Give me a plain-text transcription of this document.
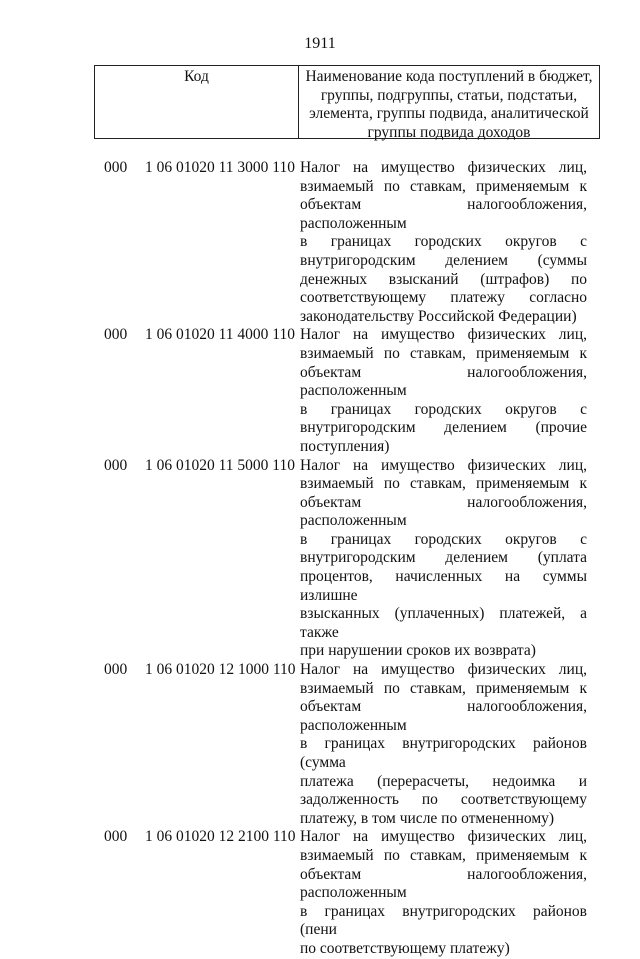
1911
Код	Наименование кода поступлений в бюджет,
группы, подгруппы, статьи, подстатьи,
элемента, группы подвида, аналитической
группы подвида доходов
000	1 06 01020 11 3000 110 Налог на имущество физических лиц,
взимаемый по ставкам, применяемым к
объектам налогообложения, расположенным
в границах городских округов с
внутригородским делением (суммы
денежных взысканий (штрафов) по
соответствующему платежу согласно
законодательству Российской Федерации)
000	1 06 01020 11 4000 110 Налог на имущество физических лиц,
взимаемый по ставкам, применяемым к
объектам налогообложения, расположенным
в границах городских округов с
внутригородским делением (прочие
поступления)
000	1 06 01020 11 5000 110 Налог на имущество физических лиц,
взимаемый по ставкам, применяемым к
объектам налогообложения, расположенным
в границах городских округов с
внутригородским делением (уплата
процентов, начисленных на суммы излишне
взысканных (уплаченных) платежей, а также
при нарушении сроков их возврата)
000	1 06 01020 12 1000 110 Налог на имущество физических лиц,
взимаемый по ставкам, применяемым к
объектам налогообложения, расположенным
в границах внутригородских районов (сумма
платежа (перерасчеты, недоимка и
задолженность по соответствующему
платежу, в том числе по отмененному)
000	1 06 01020 12 2100 110 Налог на имущество физических лиц,
взимаемый по ставкам, применяемым к
объектам налогообложения, расположенным
в границах внутригородских районов (пени
по соответствующему платежу)
